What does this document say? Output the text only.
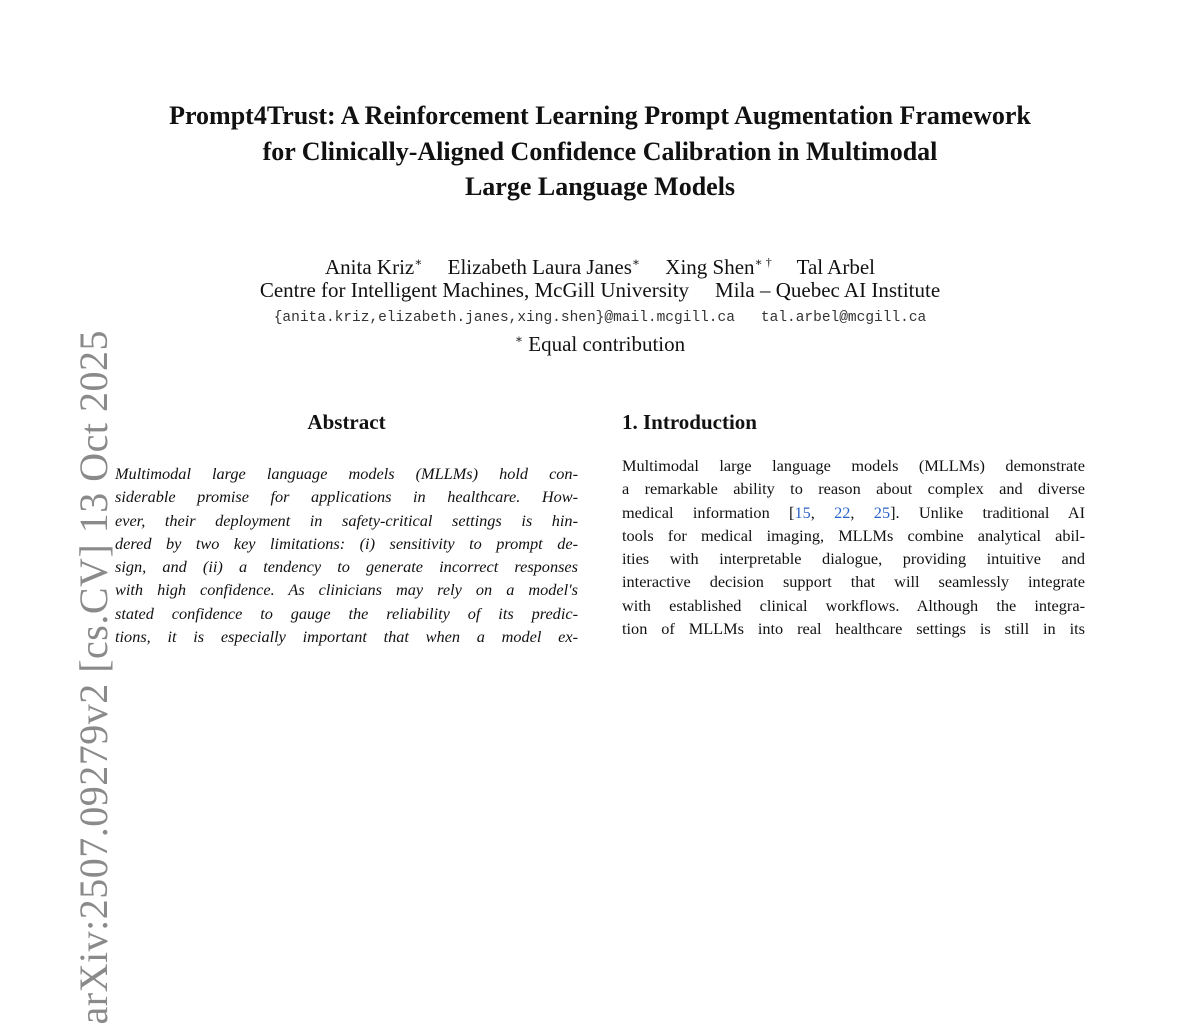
arXiv:2507.09279v2 [cs.CV] 13 Oct 2025
Prompt4Trust: A Reinforcement Learning Prompt Augmentation Framework
for Clinically-Aligned Confidence Calibration in Multimodal
Large Language Models
Anita Kriz∗ Elizabeth Laura Janes∗ Xing Shen∗ † Tal Arbel
Centre for Intelligent Machines, McGill University Mila – Quebec AI Institute
{anita.kriz,elizabeth.janes,xing.shen}@mail.mcgill.ca tal.arbel@mcgill.ca
∗ Equal contribution
Abstract
Multimodal large language models (MLLMs) hold con-
siderable promise for applications in healthcare. How-
ever, their deployment in safety-critical settings is hin-
dered by two key limitations: (i) sensitivity to prompt de-
sign, and (ii) a tendency to generate incorrect responses
with high confidence. As clinicians may rely on a model's
stated confidence to gauge the reliability of its predic-
tions, it is especially important that when a model ex-
1. Introduction
Multimodal large language models (MLLMs) demonstrate
a remarkable ability to reason about complex and diverse
medical information [15, 22, 25]. Unlike traditional AI
tools for medical imaging, MLLMs combine analytical abil-
ities with interpretable dialogue, providing intuitive and
interactive decision support that will seamlessly integrate
with established clinical workflows. Although the integra-
tion of MLLMs into real healthcare settings is still in its
